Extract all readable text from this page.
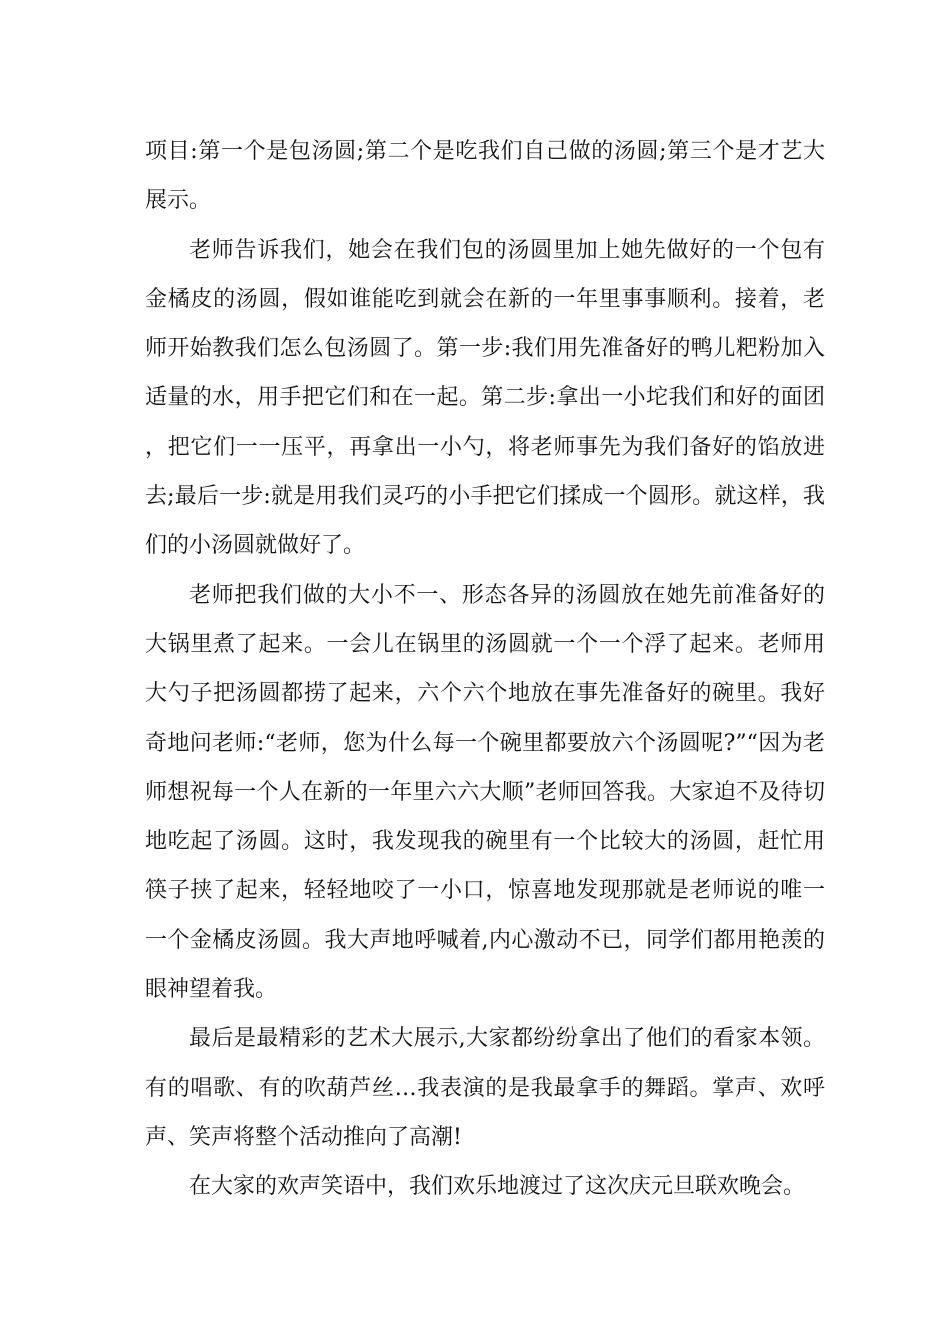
项目:第一个是包汤圆;第二个是吃我们自己做的汤圆;第三个是才艺大展示。

老师告诉我们，她会在我们包的汤圆里加上她先做好的一个包有金橘皮的汤圆，假如谁能吃到就会在新的一年里事事顺利。接着，老师开始教我们怎么包汤圆了。第一步:我们用先准备好的鸭儿粑粉加入适量的水，用手把它们和在一起。第二步:拿出一小坨我们和好的面团，把它们一一压平，再拿出一小勺，将老师事先为我们备好的馅放进去;最后一步:就是用我们灵巧的小手把它们揉成一个圆形。就这样，我们的小汤圆就做好了。

老师把我们做的大小不一、形态各异的汤圆放在她先前准备好的大锅里煮了起来。一会儿在锅里的汤圆就一个一个浮了起来。老师用大勺子把汤圆都捞了起来，六个六个地放在事先准备好的碗里。我好奇地问老师:“老师，您为什么每一个碗里都要放六个汤圆呢?”“因为老师想祝每一个人在新的一年里六六大顺”老师回答我。大家迫不及待切地吃起了汤圆。这时，我发现我的碗里有一个比较大的汤圆，赶忙用筷子挟了起来，轻轻地咬了一小口，惊喜地发现那就是老师说的唯一一个金橘皮汤圆。我大声地呼喊着,内心激动不已，同学们都用艳羡的眼神望着我。

最后是最精彩的艺术大展示,大家都纷纷拿出了他们的看家本领。有的唱歌、有的吹葫芦丝…我表演的是我最拿手的舞蹈。掌声、欢呼声、笑声将整个活动推向了高潮!

在大家的欢声笑语中，我们欢乐地渡过了这次庆元旦联欢晚会。
